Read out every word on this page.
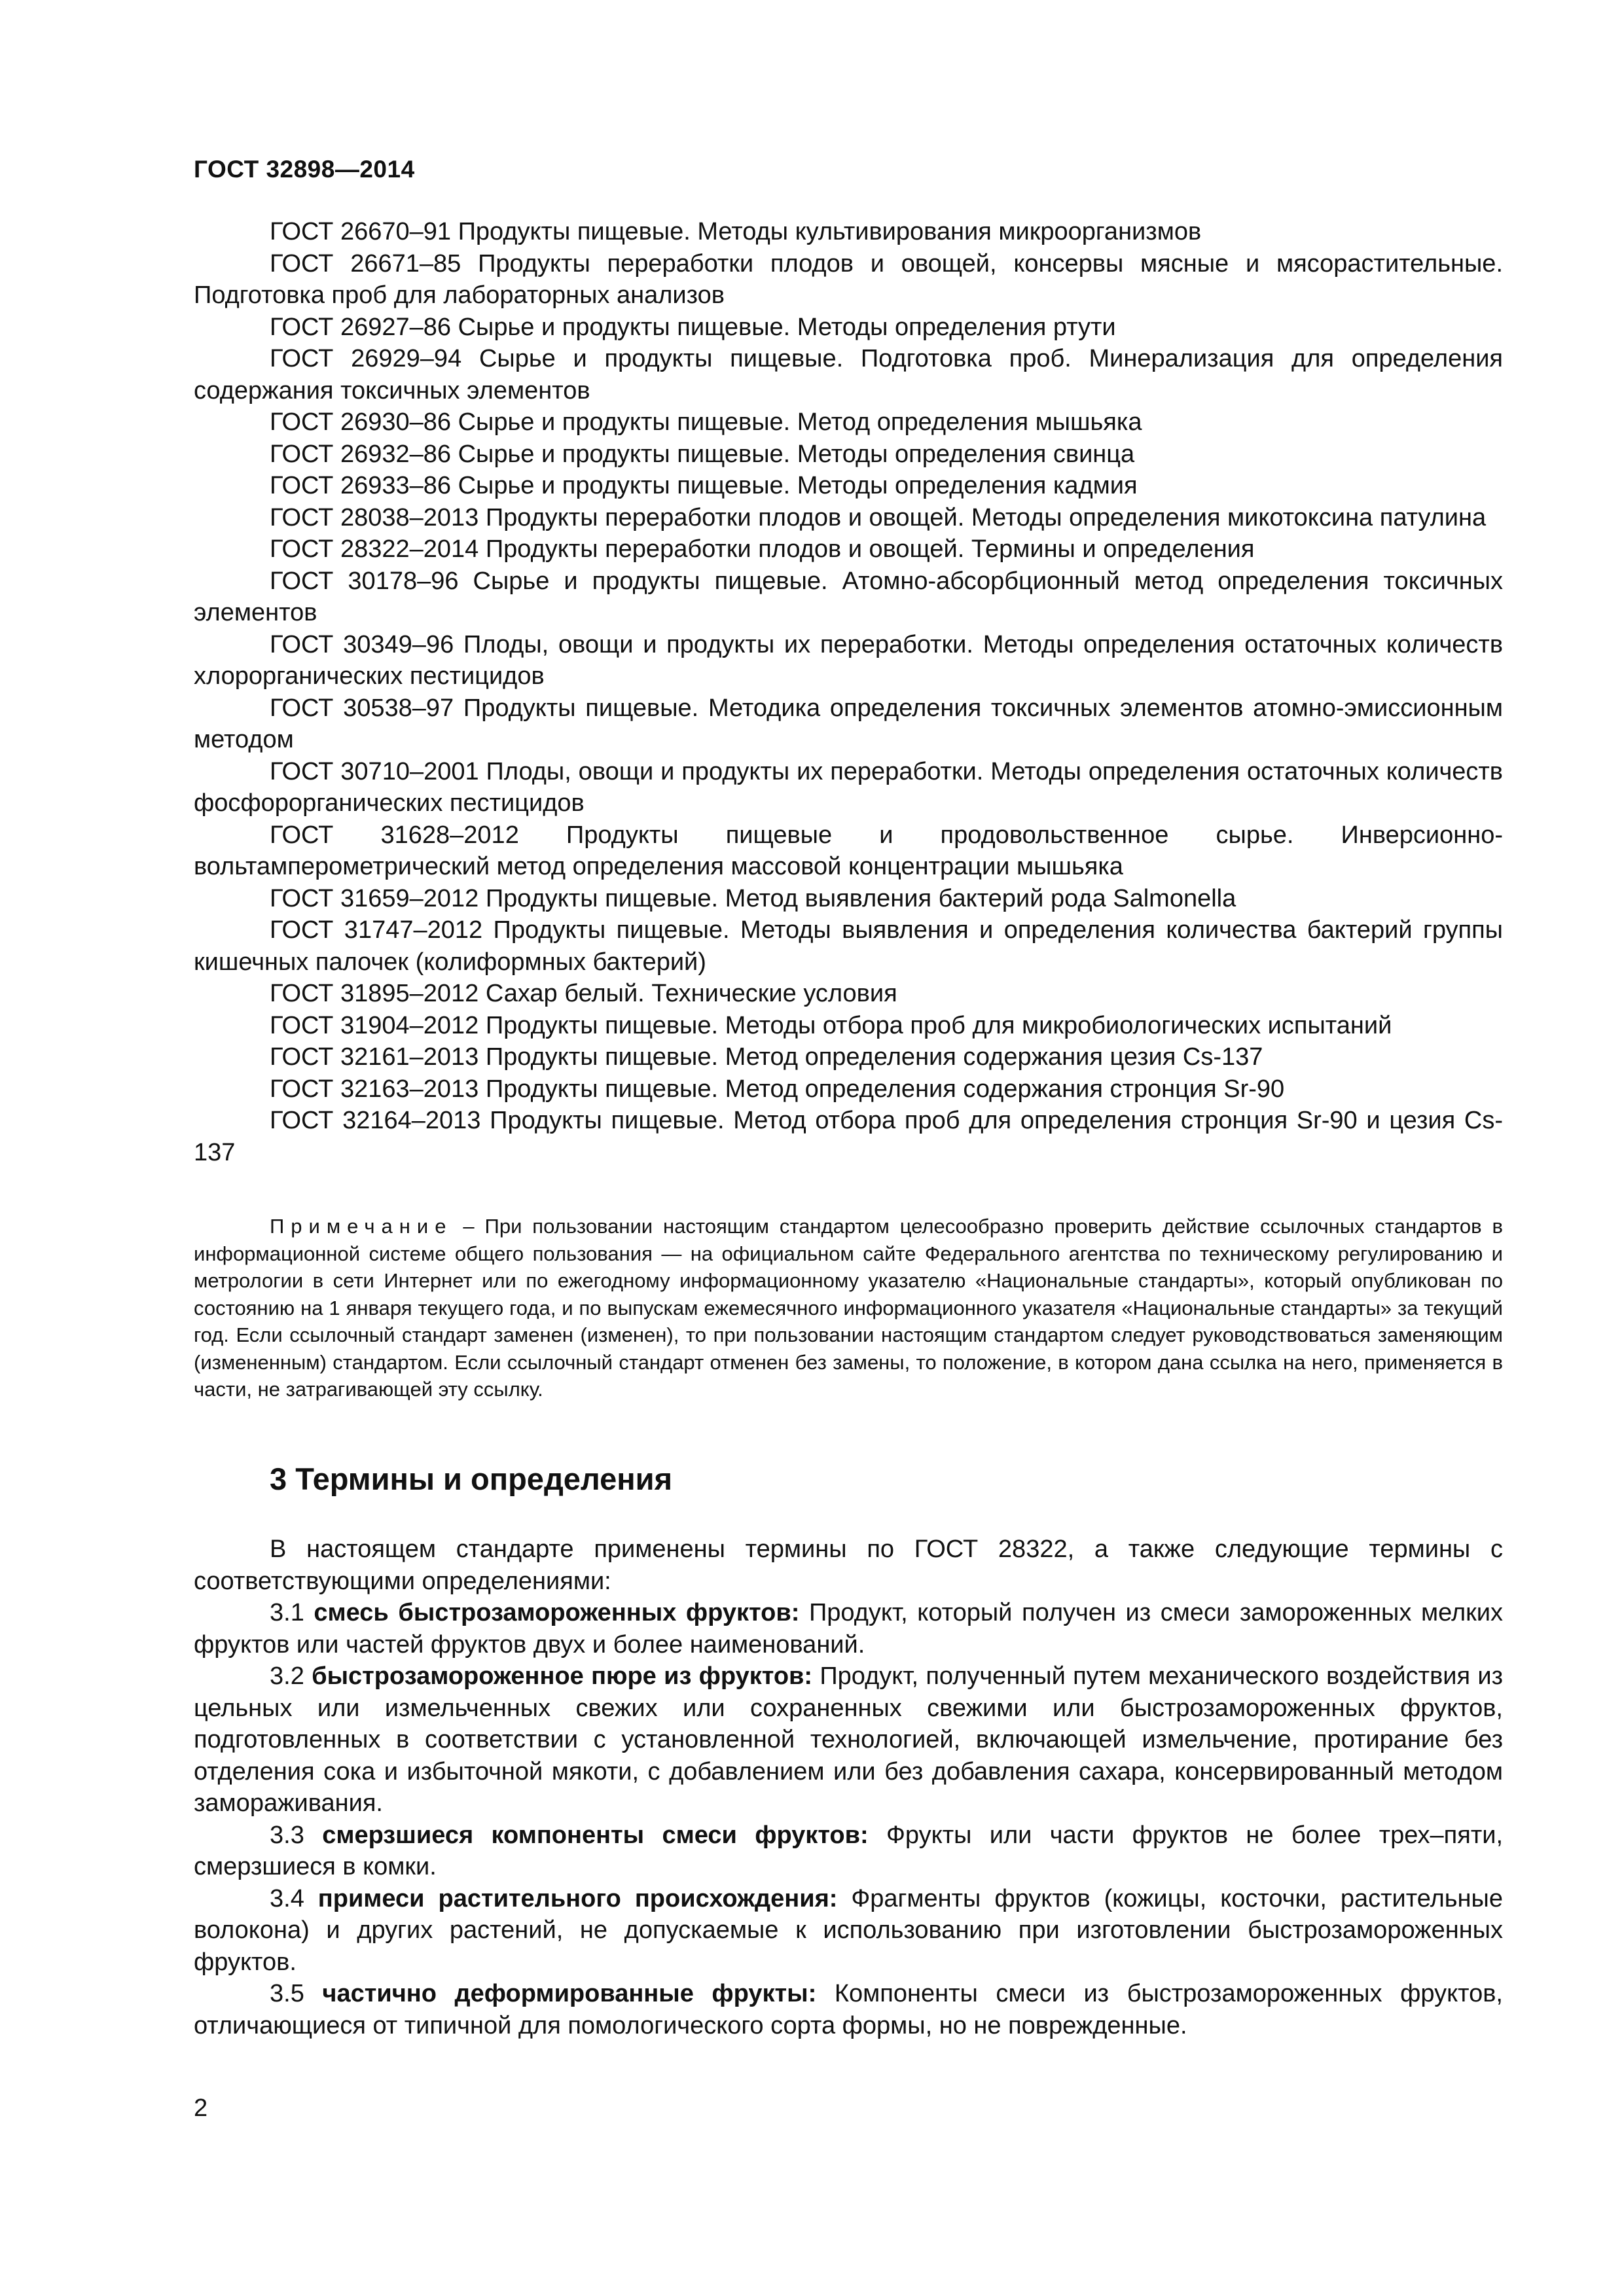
ГОСТ 32898—2014

ГОСТ 26670–91 Продукты пищевые. Методы культивирования микроорганизмов

ГОСТ 26671–85 Продукты переработки плодов и овощей, консервы мясные и мясорастительные. Подготовка проб для лабораторных анализов

ГОСТ 26927–86 Сырье и продукты пищевые. Методы определения ртути

ГОСТ 26929–94 Сырье и продукты пищевые. Подготовка проб. Минерализация для определения содержания токсичных элементов

ГОСТ 26930–86 Сырье и продукты пищевые. Метод определения мышьяка

ГОСТ 26932–86 Сырье и продукты пищевые. Методы определения свинца

ГОСТ 26933–86 Сырье и продукты пищевые. Методы определения кадмия

ГОСТ 28038–2013 Продукты переработки плодов и овощей. Методы определения микотоксина патулина

ГОСТ 28322–2014 Продукты переработки плодов и овощей. Термины и определения

ГОСТ 30178–96 Сырье и продукты пищевые. Атомно-абсорбционный метод определения токсичных элементов

ГОСТ 30349–96 Плоды, овощи и продукты их переработки. Методы определения остаточных количеств хлорорганических пестицидов

ГОСТ 30538–97 Продукты пищевые. Методика определения токсичных элементов атомно-эмиссионным методом

ГОСТ 30710–2001 Плоды, овощи и продукты их переработки. Методы определения остаточных количеств фосфорорганических пестицидов

ГОСТ 31628–2012 Продукты пищевые и продовольственное сырье. Инверсионно-вольтамперометрический метод определения массовой концентрации мышьяка

ГОСТ 31659–2012 Продукты пищевые. Метод выявления бактерий рода Salmonella

ГОСТ 31747–2012 Продукты пищевые. Методы выявления и определения количества бактерий группы кишечных палочек (колиформных бактерий)

ГОСТ 31895–2012 Сахар белый. Технические условия

ГОСТ 31904–2012 Продукты пищевые. Методы отбора проб для микробиологических испытаний

ГОСТ 32161–2013 Продукты пищевые. Метод определения содержания цезия Cs-137

ГОСТ 32163–2013 Продукты пищевые. Метод определения содержания стронция Sr-90

ГОСТ 32164–2013 Продукты пищевые. Метод отбора проб для определения стронция Sr-90 и цезия Cs-137

Примечание – При пользовании настоящим стандартом целесообразно проверить действие ссылочных стандартов в информационной системе общего пользования — на официальном сайте Федерального агентства по техническому регулированию и метрологии в сети Интернет или по ежегодному информационному указателю «Национальные стандарты», который опубликован по состоянию на 1 января текущего года, и по выпускам ежемесячного информационного указателя «Национальные стандарты» за текущий год. Если ссылочный стандарт заменен (изменен), то при пользовании настоящим стандартом следует руководствоваться заменяющим (измененным) стандартом. Если ссылочный стандарт отменен без замены, то положение, в котором дана ссылка на него, применяется в части, не затрагивающей эту ссылку.

3 Термины и определения

В настоящем стандарте применены термины по ГОСТ 28322, а также следующие термины с соответствующими определениями:

3.1 смесь быстрозамороженных фруктов: Продукт, который получен из смеси замороженных мелких фруктов или частей фруктов двух и более наименований.

3.2 быстрозамороженное пюре из фруктов: Продукт, полученный путем механического воздействия из цельных или измельченных свежих или сохраненных свежими или быстрозамороженных фруктов, подготовленных в соответствии с установленной технологией, включающей измельчение, протирание без отделения сока и избыточной мякоти, с добавлением или без добавления сахара, консервированный методом замораживания.

3.3 смерзшиеся компоненты смеси фруктов: Фрукты или части фруктов не более трех–пяти, смерзшиеся в комки.

3.4 примеси растительного происхождения: Фрагменты фруктов (кожицы, косточки, растительные волокона) и других растений, не допускаемые к использованию при изготовлении быстрозамороженных фруктов.

3.5 частично деформированные фрукты: Компоненты смеси из быстрозамороженных фруктов, отличающиеся от типичной для помологического сорта формы, но не поврежденные.

2
